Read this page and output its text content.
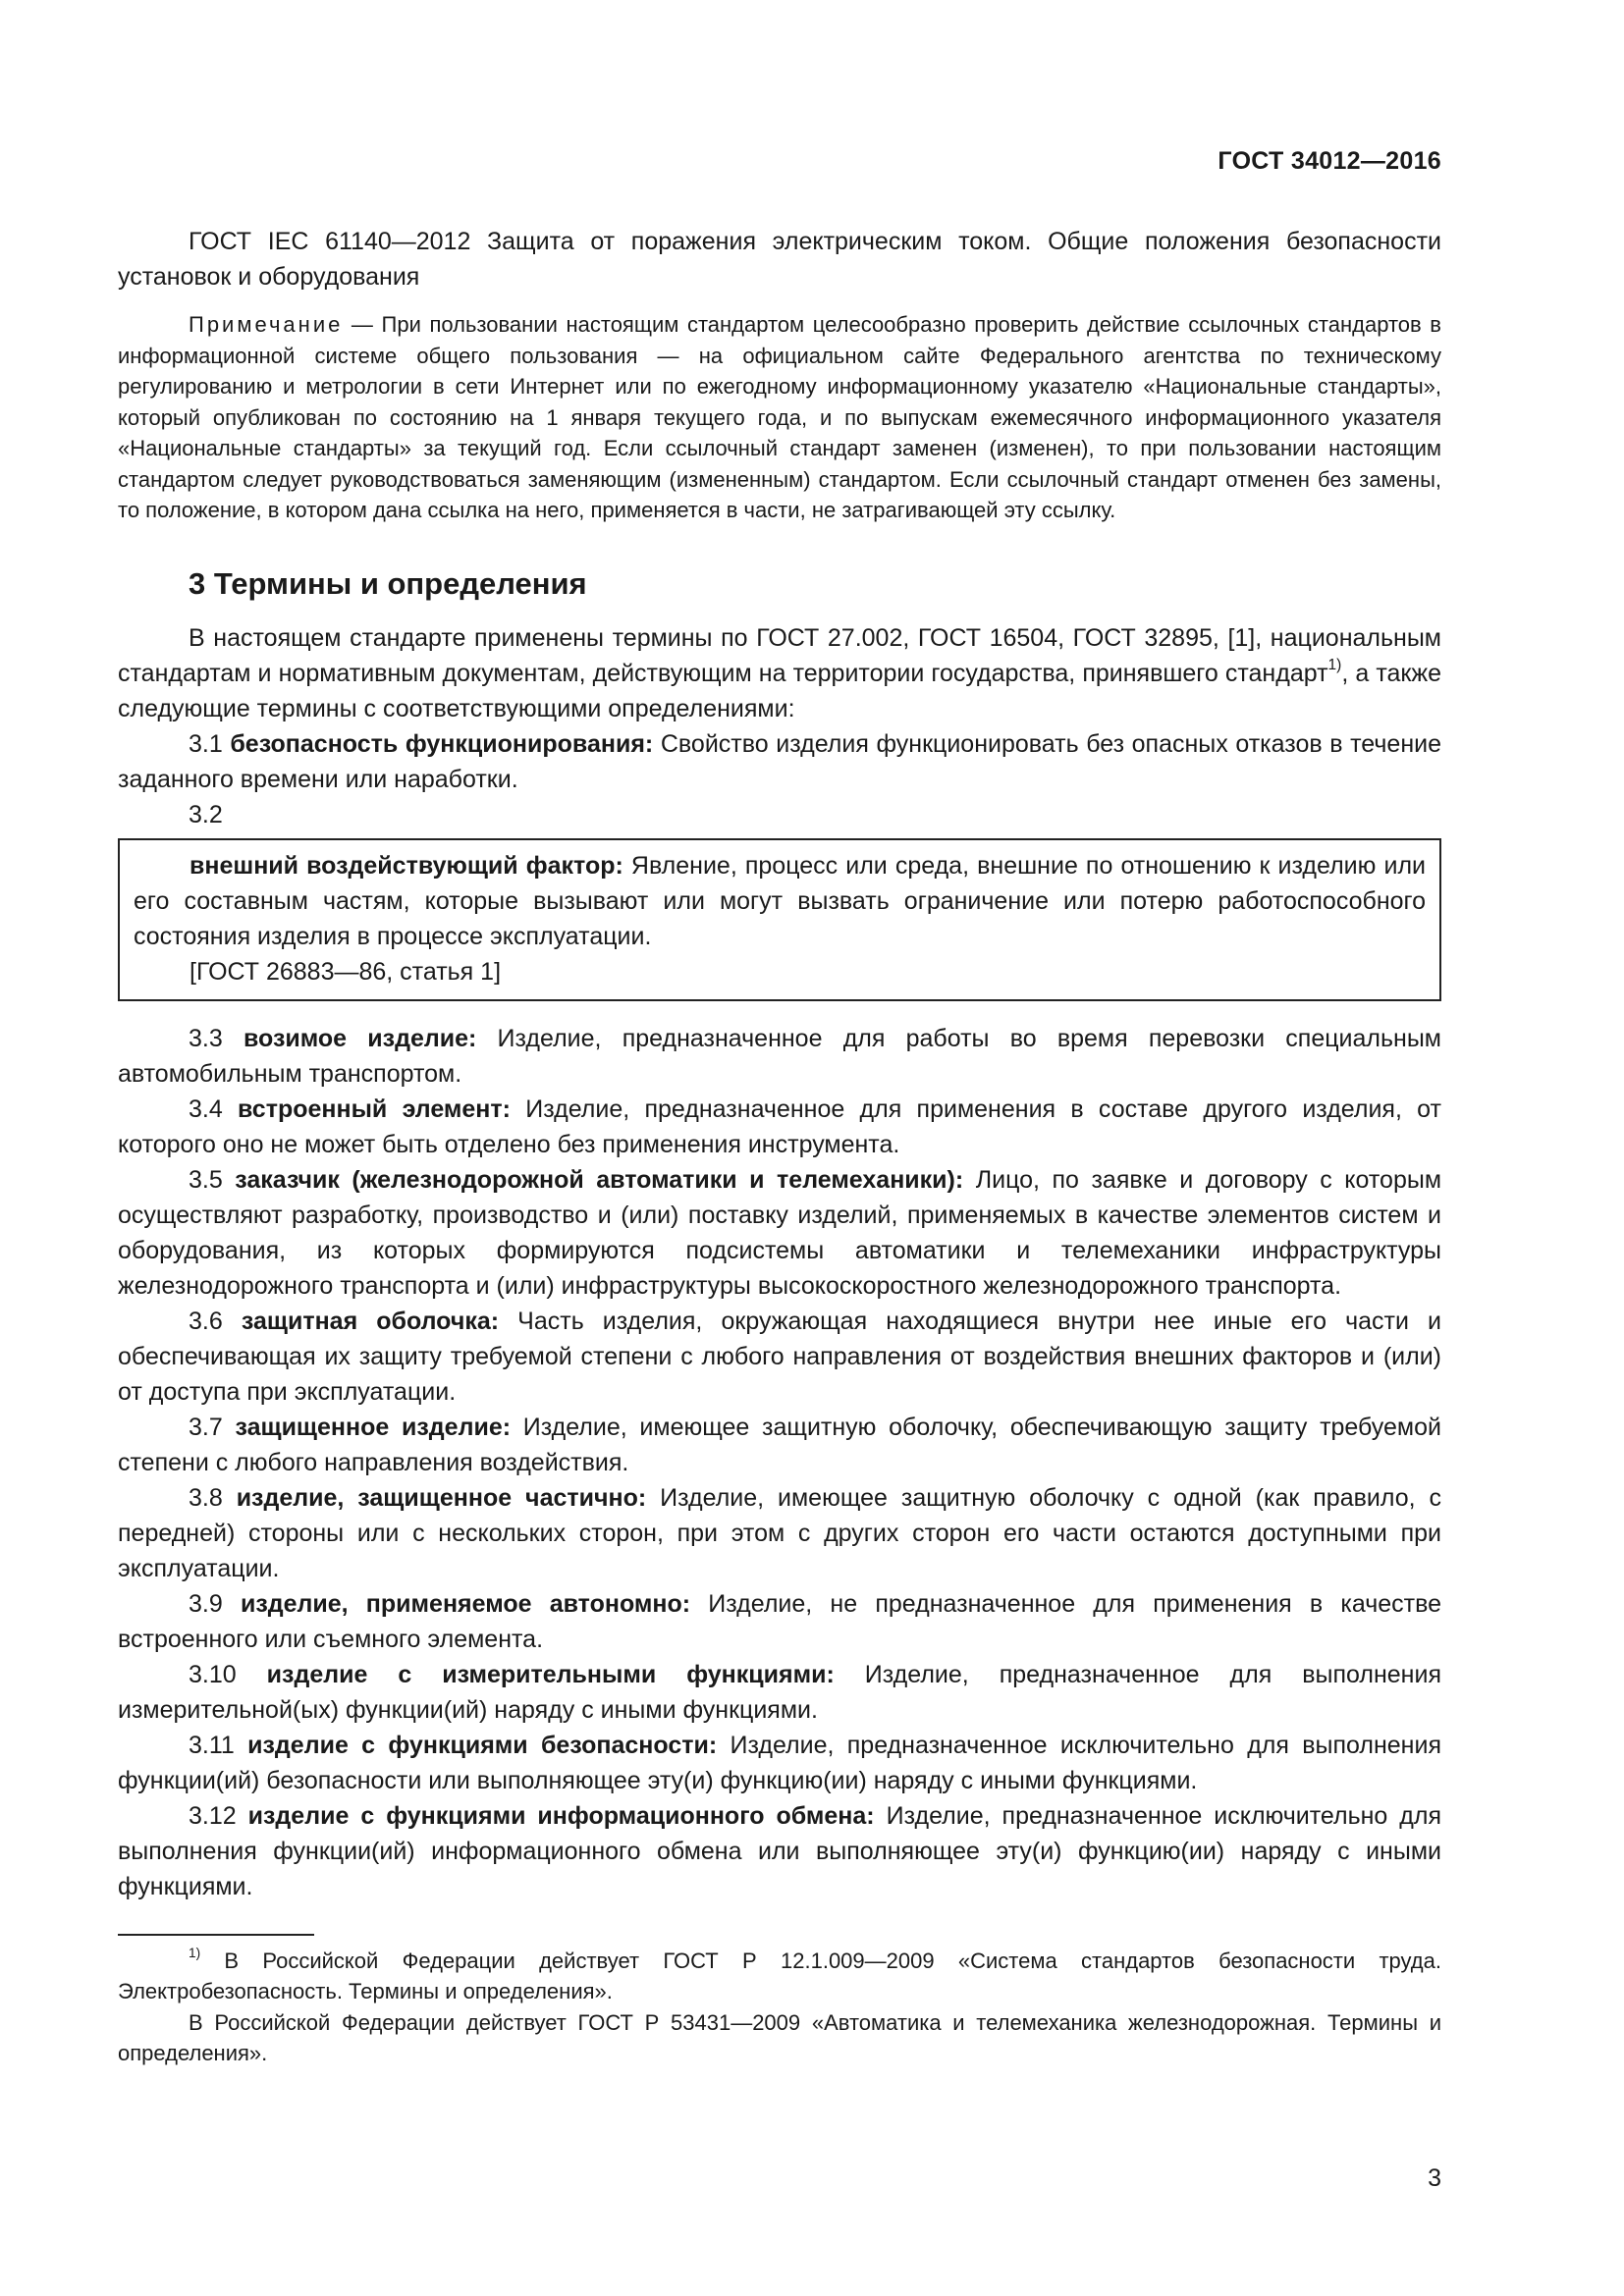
ГОСТ 34012—2016

ГОСТ IEC 61140—2012 Защита от поражения электрическим током. Общие положения безопасности установок и оборудования

Примечание — При пользовании настоящим стандартом целесообразно проверить действие ссылочных стандартов в информационной системе общего пользования — на официальном сайте Федерального агентства по техническому регулированию и метрологии в сети Интернет или по ежегодному информационному указателю «Национальные стандарты», который опубликован по состоянию на 1 января текущего года, и по выпускам ежемесячного информационного указателя «Национальные стандарты» за текущий год. Если ссылочный стандарт заменен (изменен), то при пользовании настоящим стандартом следует руководствоваться заменяющим (измененным) стандартом. Если ссылочный стандарт отменен без замены, то положение, в котором дана ссылка на него, применяется в части, не затрагивающей эту ссылку.

3 Термины и определения

В настоящем стандарте применены термины по ГОСТ 27.002, ГОСТ 16504, ГОСТ 32895, [1], национальным стандартам и нормативным документам, действующим на территории государства, принявшего стандарт$^{1)}$, а также следующие термины с соответствующими определениями:

3.1 безопасность функционирования: Свойство изделия функционировать без опасных отказов в течение заданного времени или наработки.

3.2

внешний воздействующий фактор: Явление, процесс или среда, внешние по отношению к изделию или его составным частям, которые вызывают или могут вызвать ограничение или потерю работоспособного состояния изделия в процессе эксплуатации.

[ГОСТ 26883—86, статья 1]

3.3 возимое изделие: Изделие, предназначенное для работы во время перевозки специальным автомобильным транспортом.

3.4 встроенный элемент: Изделие, предназначенное для применения в составе другого изделия, от которого оно не может быть отделено без применения инструмента.

3.5 заказчик (железнодорожной автоматики и телемеханики): Лицо, по заявке и договору с которым осуществляют разработку, производство и (или) поставку изделий, применяемых в качестве элементов систем и оборудования, из которых формируются подсистемы автоматики и телемеханики инфраструктуры железнодорожного транспорта и (или) инфраструктуры высокоскоростного железнодорожного транспорта.

3.6 защитная оболочка: Часть изделия, окружающая находящиеся внутри нее иные его части и обеспечивающая их защиту требуемой степени с любого направления от воздействия внешних факторов и (или) от доступа при эксплуатации.

3.7 защищенное изделие: Изделие, имеющее защитную оболочку, обеспечивающую защиту требуемой степени с любого направления воздействия.

3.8 изделие, защищенное частично: Изделие, имеющее защитную оболочку с одной (как правило, с передней) стороны или с нескольких сторон, при этом с других сторон его части остаются доступными при эксплуатации.

3.9 изделие, применяемое автономно: Изделие, не предназначенное для применения в качестве встроенного или съемного элемента.

3.10 изделие с измерительными функциями: Изделие, предназначенное для выполнения измерительной(ых) функции(ий) наряду с иными функциями.

3.11 изделие с функциями безопасности: Изделие, предназначенное исключительно для выполнения функции(ий) безопасности или выполняющее эту(и) функцию(ии) наряду с иными функциями.

3.12 изделие с функциями информационного обмена: Изделие, предназначенное исключительно для выполнения функции(ий) информационного обмена или выполняющее эту(и) функцию(ии) наряду с иными функциями.

$^{1)}$ В Российской Федерации действует ГОСТ Р 12.1.009—2009 «Система стандартов безопасности труда. Электробезопасность. Термины и определения».

В Российской Федерации действует ГОСТ Р 53431—2009 «Автоматика и телемеханика железнодорожная. Термины и определения».

3
